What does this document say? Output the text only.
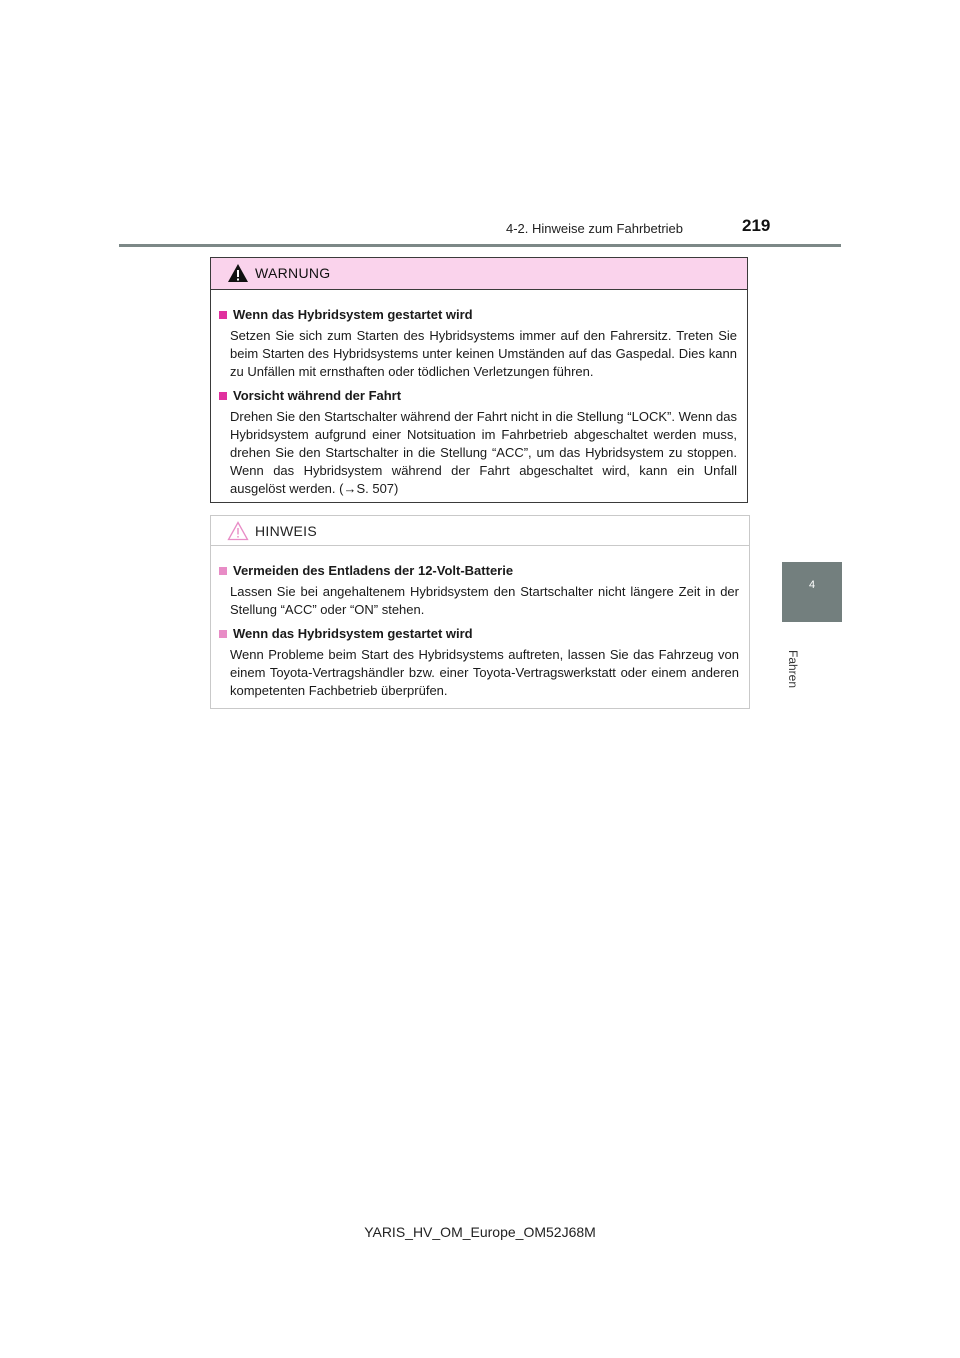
4-2. Hinweise zum Fahrbetrieb	219
4
Fahren
WARNUNG
Wenn das Hybridsystem gestartet wird
Setzen Sie sich zum Starten des Hybridsystems immer auf den Fahrersitz. Treten Sie beim Starten des Hybridsystems unter keinen Umständen auf das Gaspedal. Dies kann zu Unfällen mit ernsthaften oder tödlichen Verletzungen führen.
Vorsicht während der Fahrt
Drehen Sie den Startschalter während der Fahrt nicht in die Stellung “LOCK”. Wenn das Hybridsystem aufgrund einer Notsituation im Fahrbetrieb abgeschaltet werden muss, drehen Sie den Startschalter in die Stellung “ACC”, um das Hybridsystem zu stoppen. Wenn das Hybridsystem während der Fahrt abgeschaltet wird, kann ein Unfall ausgelöst werden. (→S. 507)
HINWEIS
Vermeiden des Entladens der 12-Volt-Batterie
Lassen Sie bei angehaltenem Hybridsystem den Startschalter nicht längere Zeit in der Stellung “ACC” oder “ON” stehen.
Wenn das Hybridsystem gestartet wird
Wenn Probleme beim Start des Hybridsystems auftreten, lassen Sie das Fahrzeug von einem Toyota-Vertragshändler bzw. einer Toyota-Vertragswerkstatt oder einem anderen kompetenten Fachbetrieb überprüfen.
YARIS_HV_OM_Europe_OM52J68M
